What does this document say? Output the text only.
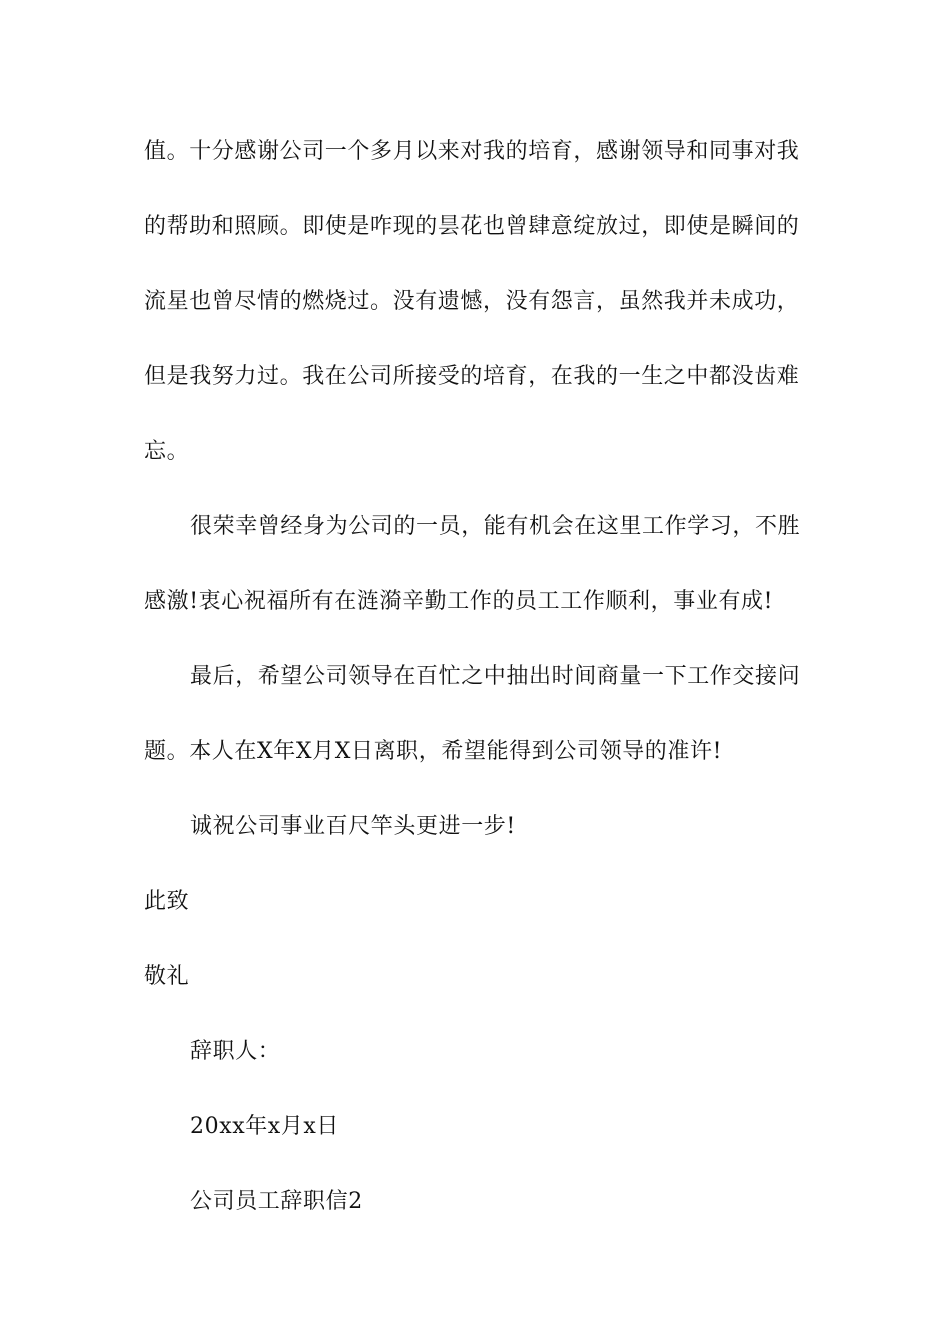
值。十分感谢公司一个多月以来对我的培育，感谢领导和同事对我
的帮助和照顾。即使是咋现的昙花也曾肆意绽放过，即使是瞬间的
流星也曾尽情的燃烧过。没有遗憾，没有怨言，虽然我并未成功，
但是我努力过。我在公司所接受的培育，在我的一生之中都没齿难
忘。
很荣幸曾经身为公司的一员，能有机会在这里工作学习，不胜
感激!衷心祝福所有在涟漪辛勤工作的员工工作顺利，事业有成!
最后，希望公司领导在百忙之中抽出时间商量一下工作交接问
题。本人在X年X月X日离职，希望能得到公司领导的准许!
诚祝公司事业百尺竿头更进一步!
此致
敬礼
辞职人：
20xx年x月x日
公司员工辞职信2
